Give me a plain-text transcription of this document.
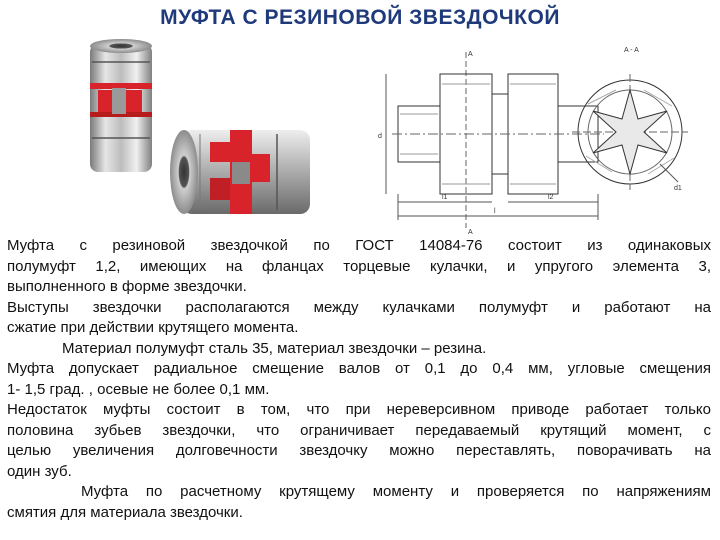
МУФТА С РЕЗИНОВОЙ ЗВЕЗДОЧКОЙ
A
A
l1	l2
l
d
A - A
d1

Муфта с резиновой звездочкой по ГОСТ 14084-76 состоит из одинаковых
полумуфт 1,2, имеющих на фланцах торцевые кулачки, и упругого элемента 3,
выполненного в форме звездочки.

Выступы звездочки располагаются между кулачками полумуфт и работают на
сжатие при действии крутящего момента.

Материал полумуфт сталь 35, материал звездочки – резина.

Муфта допускает радиальное смещение валов от 0,1 до 0,4 мм, угловые смещения
1- 1,5 град. , осевые не более 0,1 мм.

Недостаток муфты состоит в том, что при нереверсивном приводе работает только
половина зубьев звездочки, что ограничивает передаваемый крутящий момент, с
целью увеличения долговечности звездочку можно переставлять, поворачивать на
один зуб.

Муфта по расчетному крутящему моменту и проверяется по напряжениям
смятия для материала звездочки.
